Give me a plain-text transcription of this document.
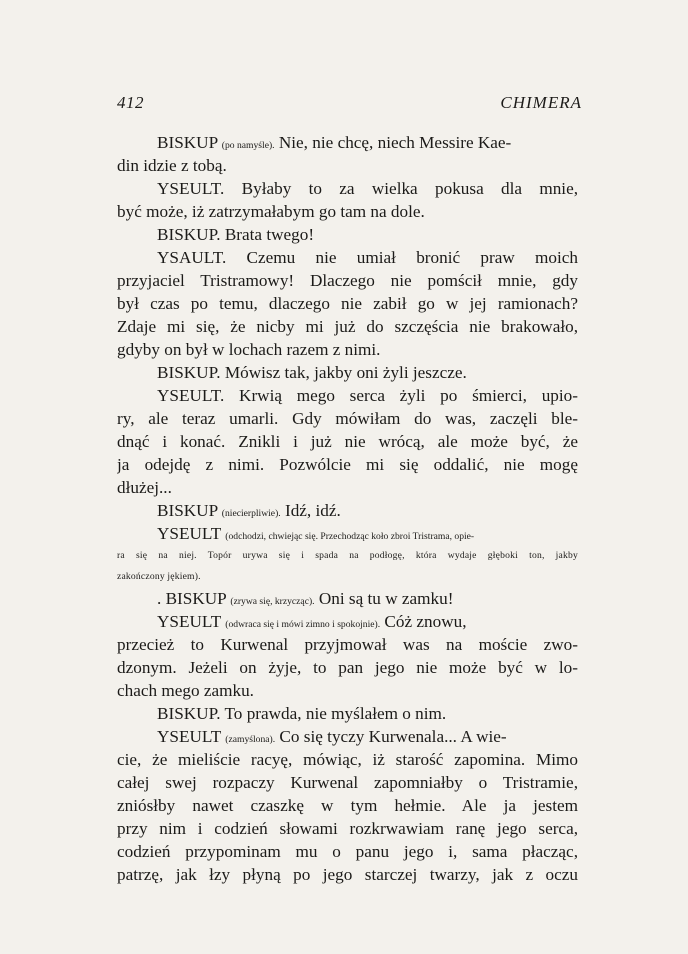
412	CHIMERA
BISKUP (po namyśle). Nie, nie chcę, niech Messire Kae-
din idzie z tobą.
YSEULT. Byłaby to za wielka pokusa dla mnie,
być może, iż zatrzymałabym go tam na dole.
BISKUP. Brata twego!
YSAULT. Czemu nie umiał bronić praw moich
przyjaciel Tristramowy! Dlaczego nie pomścił mnie, gdy
był czas po temu, dlaczego nie zabił go w jej ramionach?
Zdaje mi się, że nicby mi już do szczęścia nie brakowało,
gdyby on był w lochach razem z nimi.
BISKUP. Mówisz tak, jakby oni żyli jeszcze.
YSEULT. Krwią mego serca żyli po śmierci, upio-
ry, ale teraz umarli. Gdy mówiłam do was, zaczęli ble-
dnąć i konać. Znikli i już nie wrócą, ale może być, że
ja odejdę z nimi. Pozwólcie mi się oddalić, nie mogę
dłużej...
BISKUP (niecierpliwie). Idź, idź.
YSEULT (odchodzi, chwiejąc się. Przechodząc koło zbroi Tristrama, opie-
ra się na niej. Topór urywa się i spada na podłogę, która wydaje głęboki ton, jakby
zakończony jękiem).
. BISKUP (zrywa się, krzycząc). Oni są tu w zamku!
YSEULT (odwraca się i mówi zimno i spokojnie). Cóż znowu,
przecież to Kurwenal przyjmował was na moście zwo-
dzonym. Jeżeli on żyje, to pan jego nie może być w lo-
chach mego zamku.
BISKUP. To prawda, nie myślałem o nim.
YSEULT (zamyślona). Co się tyczy Kurwenala... A wie-
cie, że mieliście racyę, mówiąc, iż starość zapomina. Mimo
całej swej rozpaczy Kurwenal zapomniałby o Tristramie,
zniósłby nawet czaszkę w tym hełmie. Ale ja jestem
przy nim i codzień słowami rozkrwawiam ranę jego serca,
codzień przypominam mu o panu jego i, sama płacząc,
patrzę, jak łzy płyną po jego starczej twarzy, jak z oczu
